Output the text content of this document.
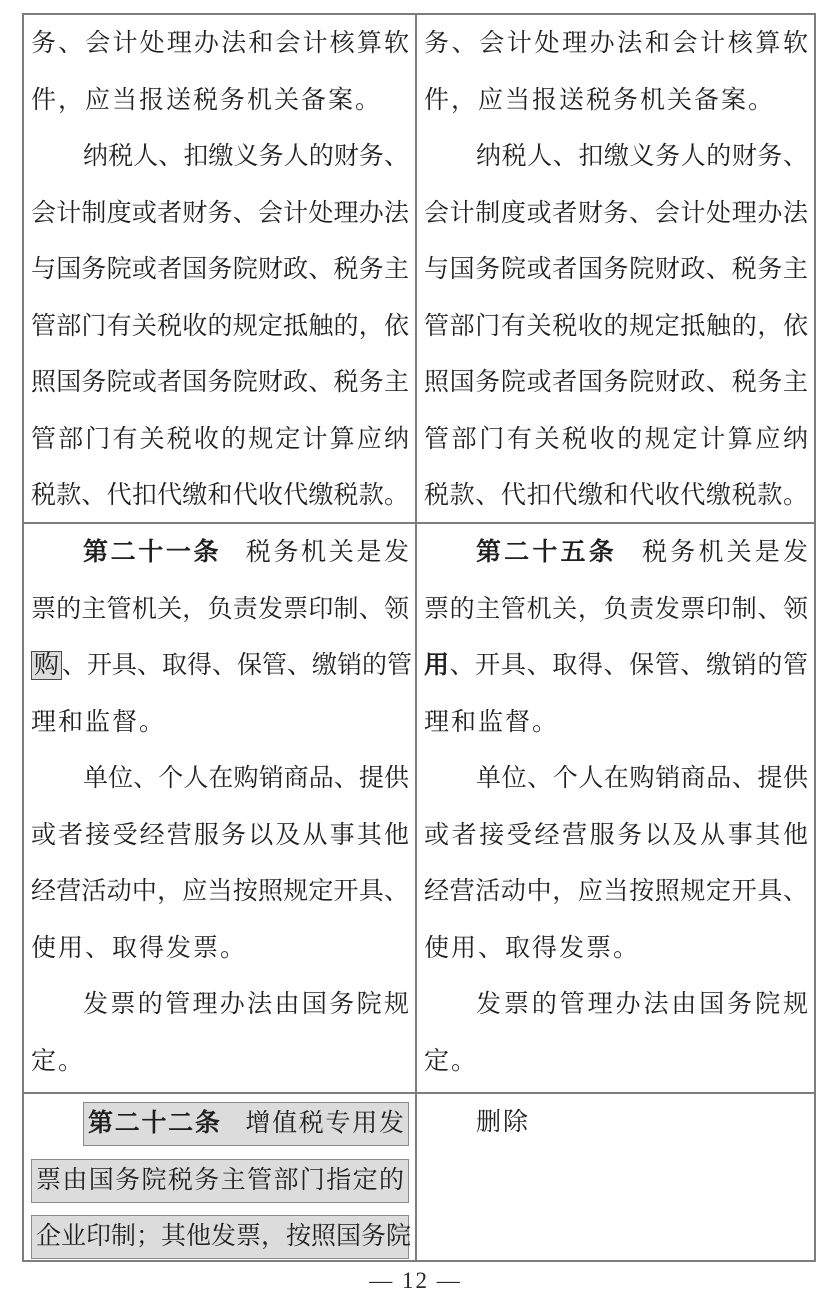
务、会计处理办法和会计核算软
件，应当报送税务机关备案。
纳税人、扣缴义务人的财务、
会计制度或者财务、会计处理办法
与国务院或者国务院财政、税务主
管部门有关税收的规定抵触的，依
照国务院或者国务院财政、税务主
管部门有关税收的规定计算应纳
税款、代扣代缴和代收代缴税款。
务、会计处理办法和会计核算软
件，应当报送税务机关备案。
纳税人、扣缴义务人的财务、
会计制度或者财务、会计处理办法
与国务院或者国务院财政、税务主
管部门有关税收的规定抵触的，依
照国务院或者国务院财政、税务主
管部门有关税收的规定计算应纳
税款、代扣代缴和代收代缴税款。
第二十一条 税务机关是发
票的主管机关，负责发票印制、领
购 、开具、取得、保管、缴销的管
理和监督。
单位、个人在购销商品、提供
或者接受经营服务以及从事其他
经营活动中，应当按照规定开具、
使用、取得发票。
发票的管理办法由国务院规
定。
第二十五条 税务机关是发
票的主管机关，负责发票印制、领
用、开具、取得、保管、缴销的管
理和监督。
单位、个人在购销商品、提供
或者接受经营服务以及从事其他
经营活动中，应当按照规定开具、
使用、取得发票。
发票的管理办法由国务院规
定。
第二十二条 增值税专用发
票由国务院税务主管部门指定的
企业印制；其他发票，按照国务院
删除
— 12 —
